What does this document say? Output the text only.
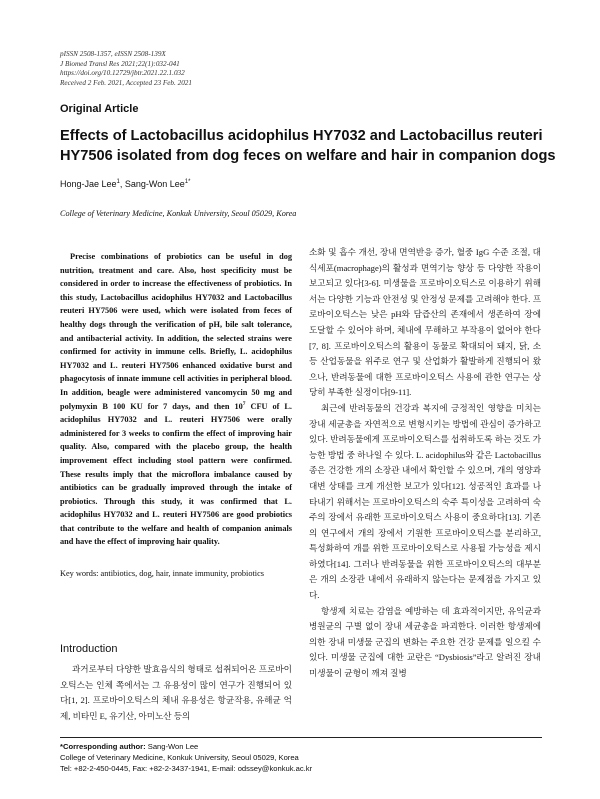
pISSN 2508-1357, eISSN 2508-139X
J Biomed Transl Res 2021;22(1):032-041
https://doi.org/10.12729/jbtr.2021.22.1.032
Received 2 Feb. 2021, Accepted 23 Feb. 2021
Original Article
Effects of Lactobacillus acidophilus HY7032 and Lactobacillus reuteri HY7506 isolated from dog feces on welfare and hair in companion dogs
Hong-Jae Lee$^1$, Sang-Won Lee$^{1*}$
College of Veterinary Medicine, Konkuk University, Seoul 05029, Korea
Precise combinations of probiotics can be useful in dog nutrition, treatment and care. Also, host specificity must be considered in order to increase the effectiveness of probiotics. In this study, Lactobacillus acidophilus HY7032 and Lactobacillus reuteri HY7506 were used, which were isolated from feces of healthy dogs through the verification of pH, bile salt tolerance, and antibacterial activity. In addition, the selected strains were confirmed for activity in immune cells. Briefly, L. acidophilus HY7032 and L. reuteri HY7506 enhanced oxidative burst and phagocytosis of innate immune cell activities in peripheral blood. In addition, beagle were administered vancomycin 50 mg and polymyxin B 100 KU for 7 days, and then $10^7$ CFU of L. acidophilus HY7032 and L. reuteri HY7506 were orally administered for 3 weeks to confirm the effect of improving hair quality. Also, compared with the placebo group, the health improvement effect including stool pattern were confirmed. These results imply that the microflora imbalance caused by antibiotics can be gradually improved through the intake of probiotics. Through this study, it was confirmed that L. acidophilus HY7032 and L. reuteri HY7506 are good probiotics that contribute to the welfare and health of companion animals and have the effect of improving hair quality.
Key words: antibiotics, dog, hair, innate immunity, probiotics
Introduction
과거로부터 다양한 발효음식의 형태로 섭취되어온 프로바이오틱스는 인체 쪽에서는 그 유용성이 많이 연구가 진행되어 있다[1, 2]. 프로바이오틱스의 체내 유용성은 항균작용, 유해균 억제, 비타민 E, 유기산, 아미노산 등의

소화 및 흡수 개선, 장내 면역반응 증가, 혈중 IgG 수준 조절, 대식세포(macrophage)의 활성과 면역기능 향상 등 다양한 작용이 보고되고 있다[3-6]. 미생물을 프로바이오틱스로 이용하기 위해서는 다양한 기능과 안전성 및 안정성 문제를 고려해야 한다. 프로바이오틱스는 낮은 pH와 담즙산의 존재에서 생존하여 장에 도달할 수 있어야 하며, 체내에 무해하고 부작용이 없어야 한다[7, 8]. 프로바이오틱스의 활용이 동물로 확대되어 돼지, 닭, 소 등 산업동물을 위주로 연구 및 산업화가 활발하게 진행되어 왔으나, 반려동물에 대한 프로바이오틱스 사용에 관한 연구는 상당히 부족한 실정이다[9-11].

최근에 반려동물의 건강과 복지에 긍정적인 영향을 미치는 장내 세균총을 자연적으로 변형시키는 방법에 관심이 증가하고 있다. 반려동물에게 프로바이오틱스를 섭취하도록 하는 것도 가능한 방법 중 하나일 수 있다. L. acidophilus와 같은 Lactobacillus 종은 건강한 개의 소장관 내에서 확인할 수 있으며, 개의 영양과 대변 상태를 크게 개선한 보고가 있다[12]. 성공적인 효과를 나타내기 위해서는 프로바이오틱스의 숙주 특이성을 고려하여 숙주의 장에서 유래한 프로바이오틱스 사용이 중요하다[13]. 기존의 연구에서 개의 장에서 기원한 프로바이오틱스를 분리하고, 특성화하여 개를 위한 프로바이오틱스로 사용될 가능성을 제시하였다[14]. 그러나 반려동물을 위한 프로바이오틱스의 대부분은 개의 소장관 내에서 유래하지 않는다는 문제점을 가지고 있다.

항생제 치료는 감염을 예방하는 데 효과적이지만, 유익균과 병원균의 구별 없이 장내 세균총을 파괴한다. 이러한 항생제에 의한 장내 미생물 군집의 변화는 주요한 건강 문제를 일으킬 수 있다. 미생물 군집에 대한 교란은 “Dysbiosis”라고 알려진 장내 미생물이 균형이 깨져 질병

*Corresponding author: Sang-Won Lee
College of Veterinary Medicine, Konkuk University, Seoul 05029, Korea
Tel: +82-2-450-0445, Fax: +82-2-3437-1941, E-mail: odssey@konkuk.ac.kr
